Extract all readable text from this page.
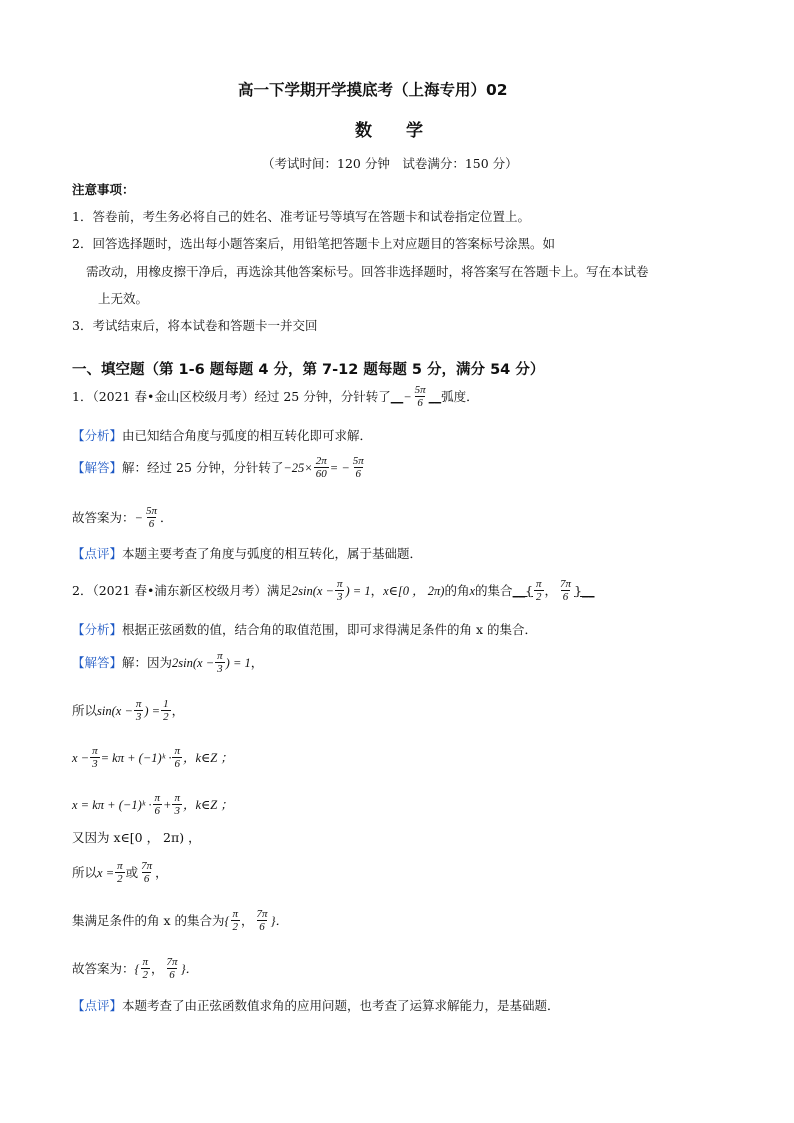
高一下学期开学摸底考（上海专用）02
数　　学
（考试时间：120 分钟　试卷满分：150 分）
注意事项：
1．答卷前，考生务必将自己的姓名、准考证号等填写在答题卡和试卷指定位置上。
2．回答选择题时，选出每小题答案后，用铅笔把答题卡上对应题目的答案标号涂黑。如
需改动，用橡皮擦干净后，再选涂其他答案标号。回答非选择题时，将答案写在答题卡上。写在本试卷
上无效。
3．考试结束后，将本试卷和答题卡一并交回
一、填空题（第 1-6 题每题 4 分，第 7-12 题每题 5 分，满分 54 分）
1．（2021 春•金山区校级月考）经过 25 分钟，分针转了 __ − $\frac{5\pi}{6}$ __ 弧度．
【分析】由已知结合角度与弧度的相互转化即可求解．
【解答】 解：经过 25 分钟，分针转了 $-25\times \frac{2\pi}{60}$ = − $\frac{5\pi}{6}$
故答案为： − $\frac{5\pi}{6}$ ．
【点评】本题主要考查了角度与弧度的相互转化，属于基础题．
2．（2021 春•浦东新区校级月考）满足 $2\sin(x - \frac{\pi}{3}$ ) = 1 ， x∈[0 ， 2π) 的角 x 的集合 __{ $\frac{\pi}{2}$ ， $\frac{7\pi}{6}$ }__
【分析】根据正弦函数的值，结合角的取值范围，即可求得满足条件的角 x 的集合．
【解答】 解：因为 $2\sin(x - \frac{\pi}{3}$ ) = 1 ，
所以 $\sin(x - \frac{\pi}{3}$ ) = $\frac{1}{2}$ ，
$x - \frac{\pi}{3} = k\pi$ + (−1)ᵏ · $\frac{\pi}{6}$ ，k∈Z ；
x = kπ + (−1)ᵏ · $\frac{\pi}{6} + \frac{\pi}{3}$ ，k∈Z ；
又因为 x∈[0 ， 2π) ，
所以 $x = \frac{\pi}{2}$ 或 $\frac{7\pi}{6}$ ，
集满足条件的角 x 的集合为 { $\frac{\pi}{2}$ ， $\frac{7\pi}{6}$ }．
故答案为： { $\frac{\pi}{2}$ ， $\frac{7\pi}{6}$ }．
【点评】本题考查了由正弦函数值求角的应用问题，也考查了运算求解能力，是基础题．
